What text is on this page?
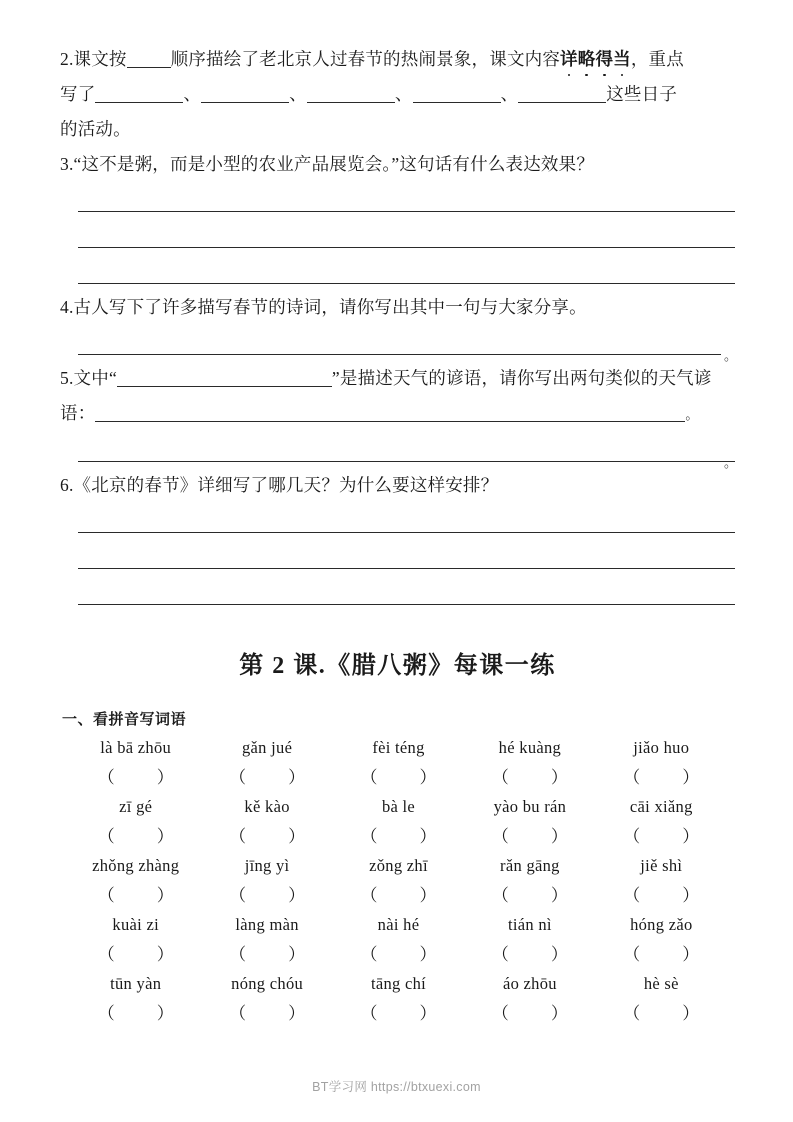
2.课文按	顺序描绘了老北京人过春节的热闹景象，课文内容详略得当
，重点
写了	、	、	、	、	这些日子
的活动。
3.“这不是粥，而是小型的农业产品展览会。”这句话有什么表达效果？
4.古人写下了许多描写春节的诗词，请你写出其中一句与大家分享。
。
5.文中“	”是描述天气的谚语，请你写出两句类似的天气谚
语：	。
。
6.《北京的春节》详细写了哪几天？为什么要这样安排？
第 2 课.《腊八粥》每课一练
一、看拼音写词语
là bā zhōu	gǎn jué	fèi téng	hé kuàng	jiǎo huo
（ ）	（ ）	（ ）	（ ）	（ ）
zī gé	kě kào	bà le	yào bu rán	cāi xiǎng
（ ）	（ ）	（ ）	（ ）	（ ）
zhǒng zhàng	jīng yì	zǒng zhī	rǎn gāng	jiě shì
（ ）	（ ）	（ ）	（ ）	（ ）
kuài zi	làng màn	nài hé	tián nì	hóng zǎo
（ ）	（ ）	（ ）	（ ）	（ ）
tūn yàn	nóng chóu	tāng chí	áo zhōu	hè sè
（ ）	（ ）	（ ）	（ ）	（ ）
BT学习网 https://btxuexi.com
